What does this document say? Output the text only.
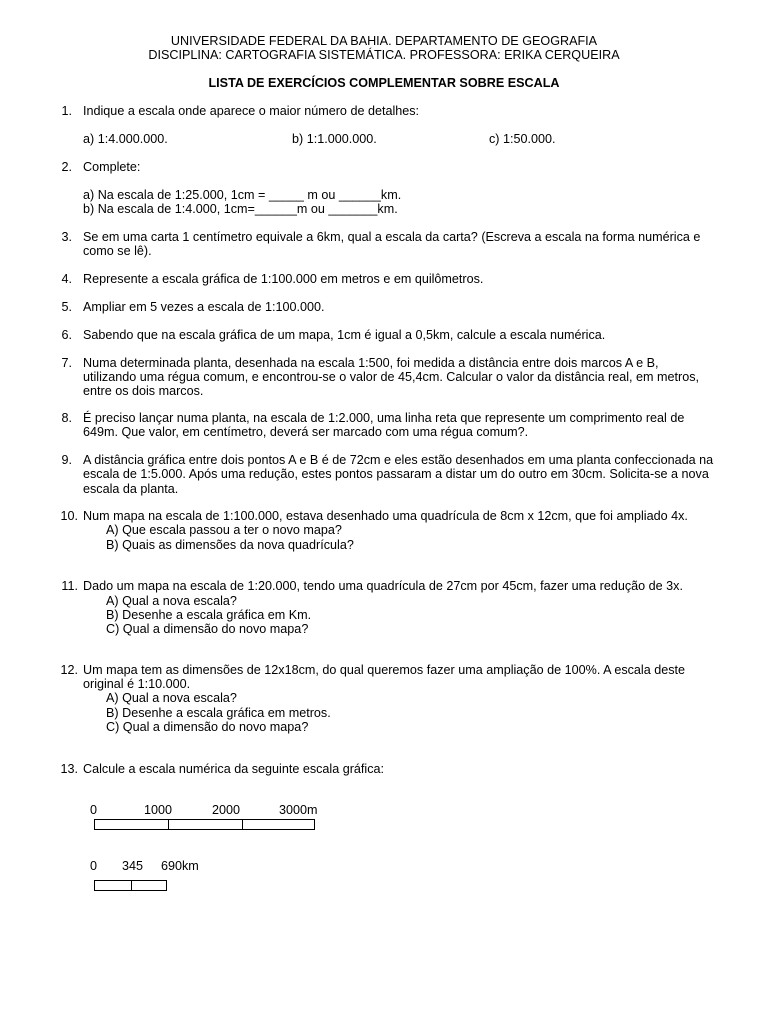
UNIVERSIDADE FEDERAL DA BAHIA. DEPARTAMENTO DE GEOGRAFIA
DISCIPLINA: CARTOGRAFIA SISTEMÁTICA. PROFESSORA: ERIKA CERQUEIRA
LISTA DE EXERCÍCIOS COMPLEMENTAR SOBRE ESCALA
1. Indique a escala onde aparece o maior número de detalhes:
a) 1:4.000.000.	b) 1:1.000.000.	c) 1:50.000.
2. Complete:
a) Na escala de 1:25.000, 1cm = _____ m ou ______km.
b) Na escala de 1:4.000, 1cm=______m ou _______km.
3. Se em uma carta 1 centímetro equivale a 6km, qual a escala da carta? (Escreva a escala na forma numérica e
como se lê).
4. Represente a escala gráfica de 1:100.000 em metros e em quilômetros.
5. Ampliar em 5 vezes a escala de 1:100.000.
6. Sabendo que na escala gráfica de um mapa, 1cm é igual a 0,5km, calcule a escala numérica.
7. Numa determinada planta, desenhada na escala 1:500, foi medida a distância entre dois marcos A e B,
utilizando uma régua comum, e encontrou-se o valor de 45,4cm. Calcular o valor da distância real, em metros,
entre os dois marcos.
8. É preciso lançar numa planta, na escala de 1:2.000, uma linha reta que represente um comprimento real de
649m. Que valor, em centímetro, deverá ser marcado com uma régua comum?.
9. A distância gráfica entre dois pontos A e B é de 72cm e eles estão desenhados em uma planta confeccionada na
escala de 1:5.000. Após uma redução, estes pontos passaram a distar um do outro em 30cm. Solicita-se a nova
escala da planta.
10. Num mapa na escala de 1:100.000, estava desenhado uma quadrícula de 8cm x 12cm, que foi ampliado 4x.
A) Que escala passou a ter o novo mapa?
B) Quais as dimensões da nova quadrícula?
11. Dado um mapa na escala de 1:20.000, tendo uma quadrícula de 27cm por 45cm, fazer uma redução de 3x.
A) Qual a nova escala?
B) Desenhe a escala gráfica em Km.
C) Qual a dimensão do novo mapa?
12. Um mapa tem as dimensões de 12x18cm, do qual queremos fazer uma ampliação de 100%. A escala deste
original é 1:10.000.
A) Qual a nova escala?
B) Desenhe a escala gráfica em metros.
C) Qual a dimensão do novo mapa?
13. Calcule a escala numérica da seguinte escala gráfica:
0	1000	2000	3000m
0 345 690km
